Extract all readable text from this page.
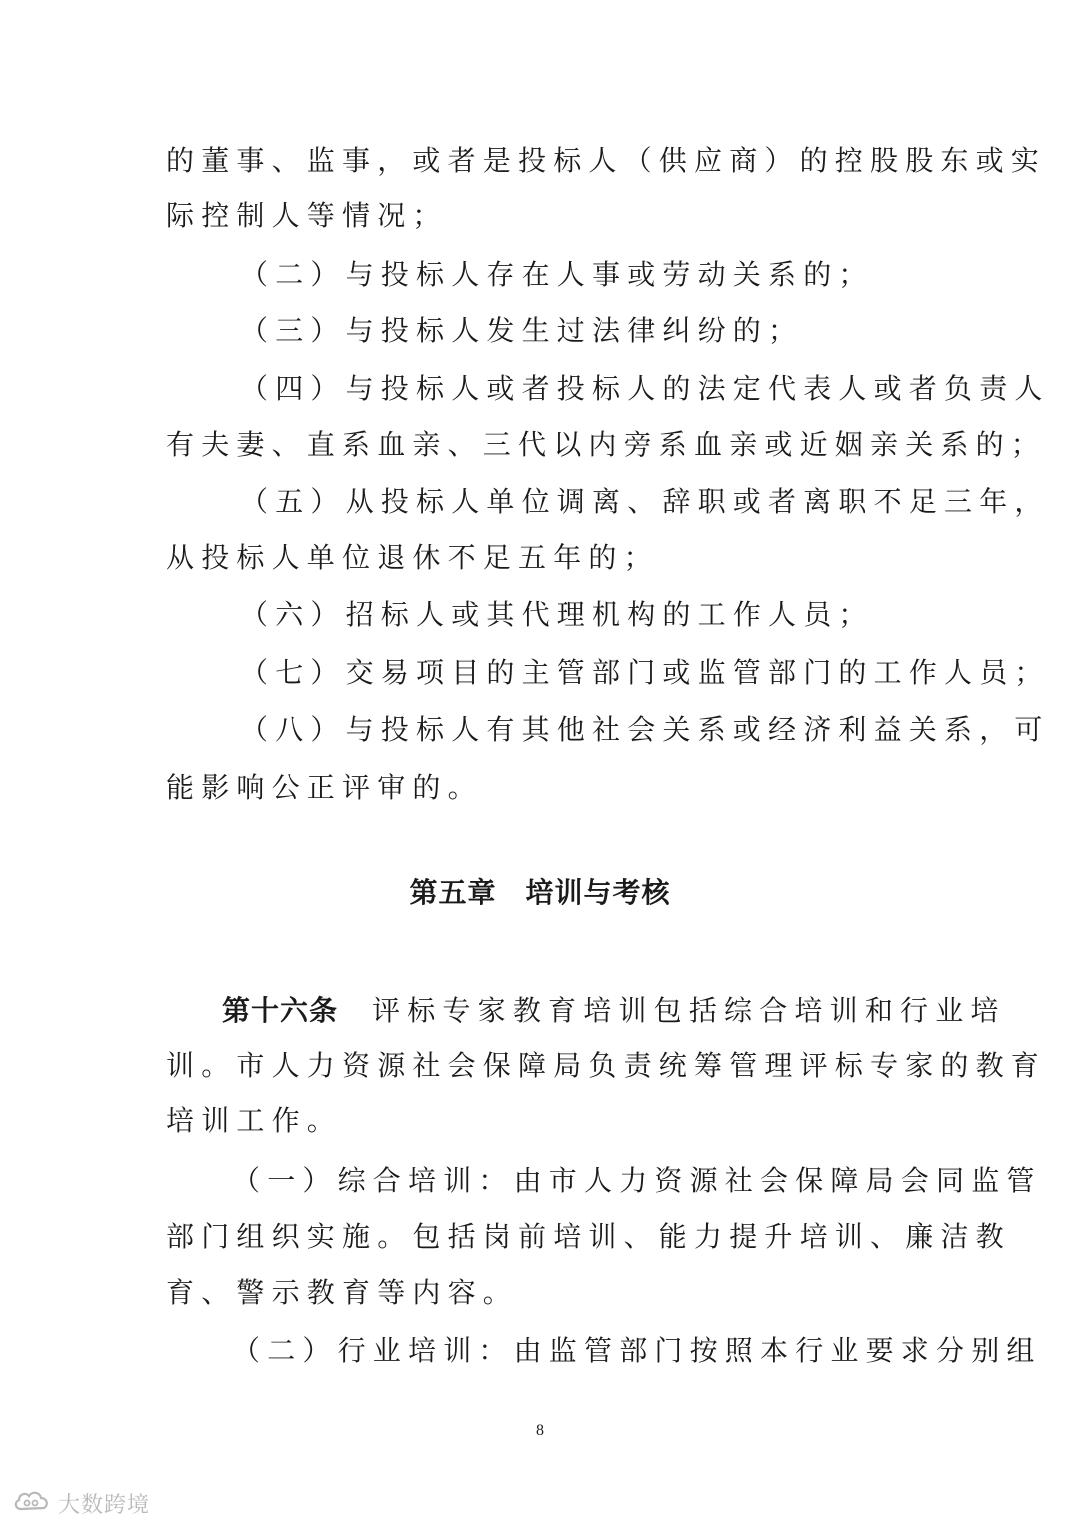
的董事、监事，或者是投标人（供应商）的控股股东或实
际控制人等情况；
（二）与投标人存在人事或劳动关系的；
（三）与投标人发生过法律纠纷的；
（四）与投标人或者投标人的法定代表人或者负责人
有夫妻、直系血亲、三代以内旁系血亲或近姻亲关系的；
（五）从投标人单位调离、辞职或者离职不足三年，
从投标人单位退休不足五年的；
（六）招标人或其代理机构的工作人员；
（七）交易项目的主管部门或监管部门的工作人员；
（八）与投标人有其他社会关系或经济利益关系，可
能影响公正评审的。
第五章　培训与考核
第十六条 评标专家教育培训包括综合培训和行业培
训。市人力资源社会保障局负责统筹管理评标专家的教育
培训工作。
（一）综合培训：由市人力资源社会保障局会同监管
部门组织实施。包括岗前培训、能力提升培训、廉洁教
育、警示教育等内容。
（二）行业培训：由监管部门按照本行业要求分别组
8
大数跨境
